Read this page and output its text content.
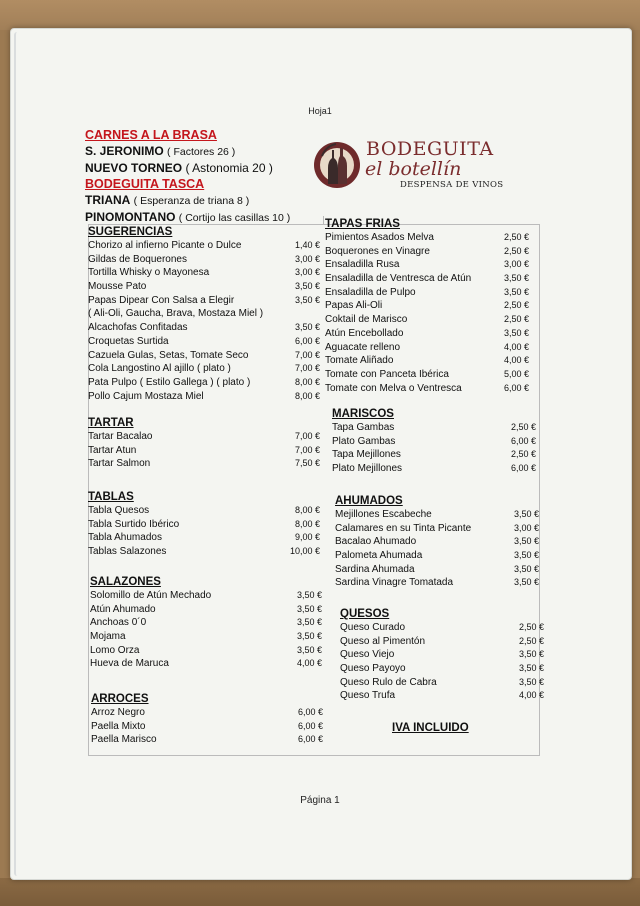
Hoja1
CARNES A LA BRASA
S. JERONIMO ( Factores 26 )
NUEVO TORNEO ( Astonomia 20 )
BODEGUITA TASCA
TRIANA ( Esperanza de triana 8 )
PINOMONTANO ( Cortijo las casillas 10 )
BODEGUITA
el botellín
DESPENSA DE VINOS
SUGERENCIAS
Chorizo al infierno Picante o Dulce	1,40 €
Gildas de Boquerones	3,00 €
Tortilla Whisky o Mayonesa	3,00 €
Mousse Pato	3,50 €
Papas Dipear Con Salsa a Elegir	3,50 €
( Ali-Oli, Gaucha, Brava, Mostaza Miel )
Alcachofas Confitadas	3,50 €
Croquetas Surtida	6,00 €
Cazuela Gulas, Setas, Tomate Seco	7,00 €
Cola Langostino Al ajillo ( plato )	7,00 €
Pata Pulpo ( Estilo Gallega ) ( plato )	8,00 €
Pollo Cajum Mostaza Miel	8,00 €
TARTAR
Tartar Bacalao	7,00 €
Tartar Atun	7,00 €
Tartar Salmon	7,50 €
TABLAS
Tabla Quesos	8,00 €
Tabla Surtido Ibérico	8,00 €
Tabla Ahumados	9,00 €
Tablas Salazones	10,00 €
SALAZONES
Solomillo de Atún Mechado	3,50 €
Atún Ahumado	3,50 €
Anchoas 0´0	3,50 €
Mojama	3,50 €
Lomo Orza	3,50 €
Hueva de Maruca	4,00 €
ARROCES
Arroz Negro	6,00 €
Paella Mixto	6,00 €
Paella Marisco	6,00 €
TAPAS FRIAS
Pimientos Asados Melva	2,50 €
Boquerones en Vinagre	2,50 €
Ensaladilla Rusa	3,00 €
Ensaladilla de Ventresca de Atún	3,50 €
Ensaladilla de Pulpo	3,50 €
Papas Ali-Oli	2,50 €
Coktail de Marisco	2,50 €
Atún Encebollado	3,50 €
Aguacate relleno	4,00 €
Tomate Aliñado	4,00 €
Tomate con Panceta Ibérica	5,00 €
Tomate con Melva o Ventresca	6,00 €
MARISCOS
Tapa Gambas	2,50 €
Plato Gambas	6,00 €
Tapa Mejillones	2,50 €
Plato Mejillones	6,00 €
AHUMADOS
Mejillones Escabeche	3,50 €
Calamares en su Tinta Picante	3,00 €
Bacalao Ahumado	3,50 €
Palometa Ahumada	3,50 €
Sardina Ahumada	3,50 €
Sardina Vinagre Tomatada	3,50 €
QUESOS
Queso Curado	2,50 €
Queso al Pimentón	2,50 €
Queso Viejo	3,50 €
Queso Payoyo	3,50 €
Queso Rulo de Cabra	3,50 €
Queso Trufa	4,00 €
IVA INCLUIDO
Página 1
